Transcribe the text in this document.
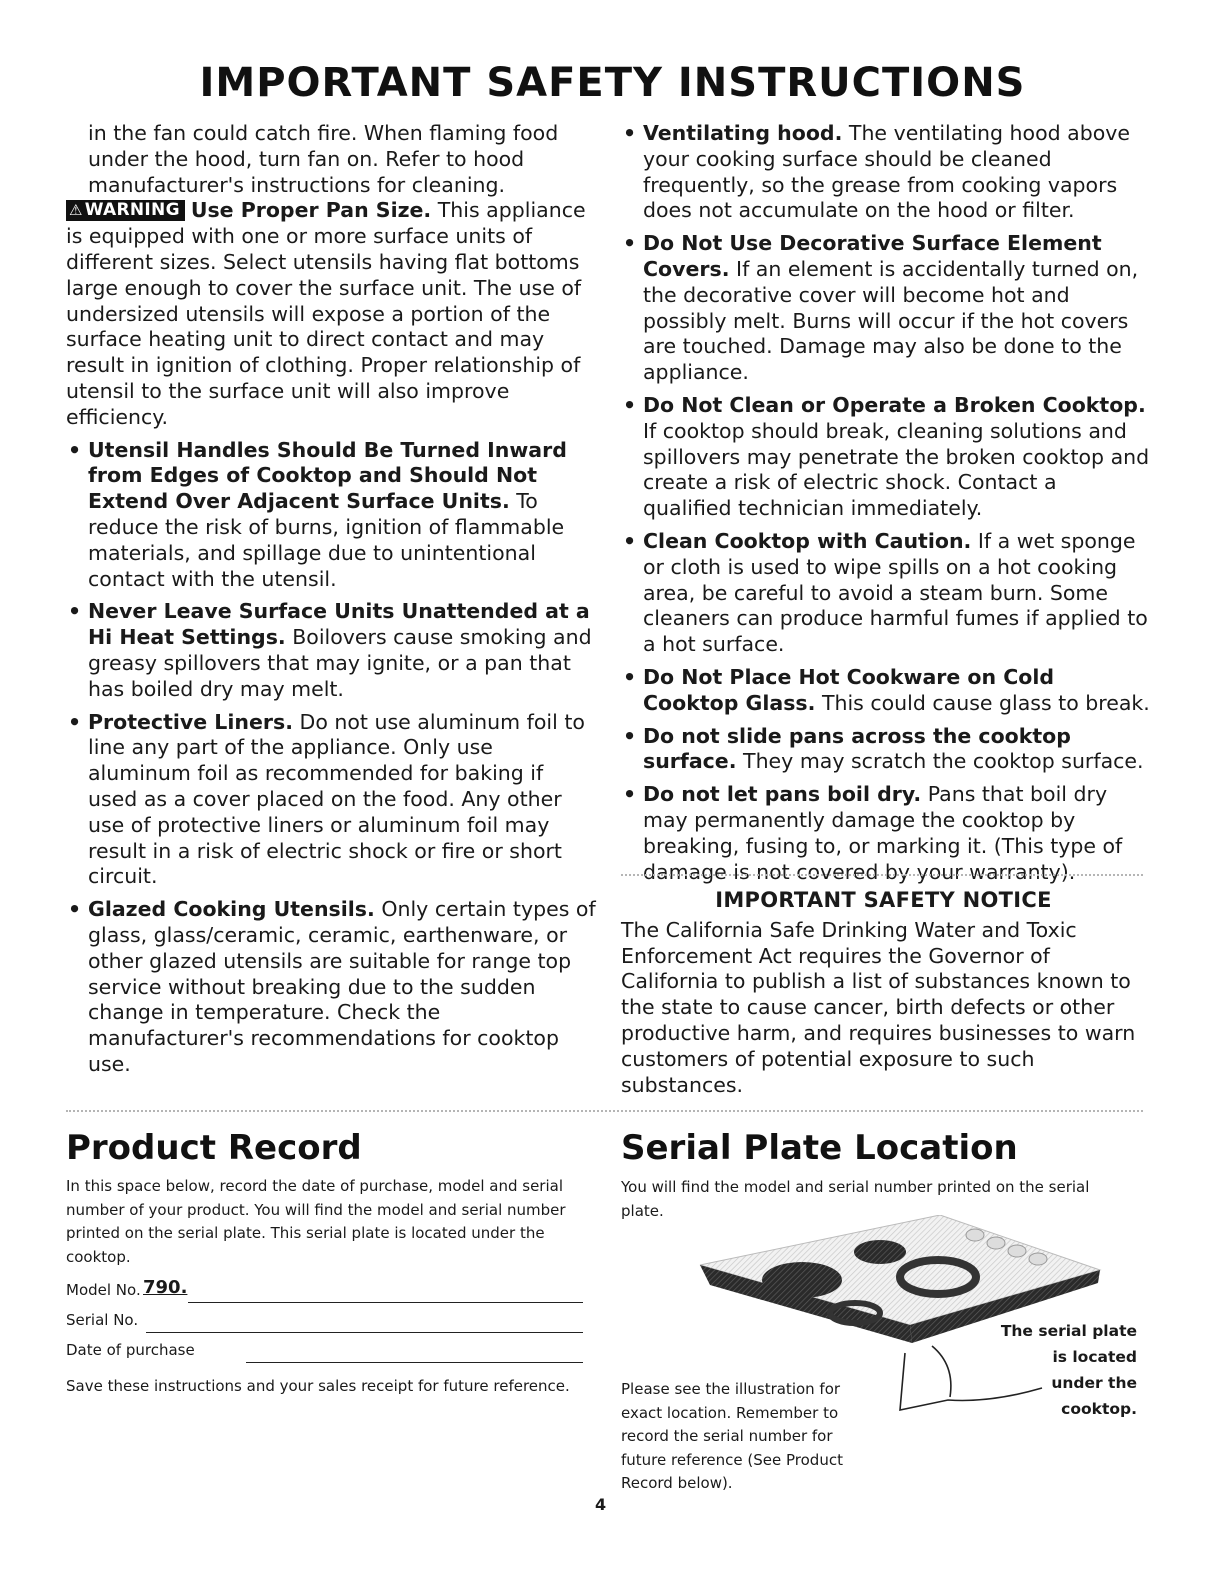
IMPORTANT SAFETY INSTRUCTIONS

in the fan could catch fire. When flaming food under the hood, turn fan on. Refer to hood manufacturer's instructions for cleaning.

⚠ WARNING Use Proper Pan Size. This appliance is equipped with one or more surface units of different sizes. Select utensils having flat bottoms large enough to cover the surface unit. The use of undersized utensils will expose a portion of the surface heating unit to direct contact and may result in ignition of clothing. Proper relationship of utensil to the surface unit will also improve efficiency.

• Utensil Handles Should Be Turned Inward from Edges of Cooktop and Should Not Extend Over Adjacent Surface Units. To reduce the risk of burns, ignition of flammable materials, and spillage due to unintentional contact with the utensil.

• Never Leave Surface Units Unattended at a Hi Heat Settings. Boilovers cause smoking and greasy spillovers that may ignite, or a pan that has boiled dry may melt.

• Protective Liners. Do not use aluminum foil to line any part of the appliance. Only use aluminum foil as recommended for baking if used as a cover placed on the food. Any other use of protective liners or aluminum foil may result in a risk of electric shock or fire or short circuit.

• Glazed Cooking Utensils. Only certain types of glass, glass/ceramic, ceramic, earthenware, or other glazed utensils are suitable for range top service without breaking due to the sudden change in temperature. Check the manufacturer's recommendations for cooktop use.

• Ventilating hood. The ventilating hood above your cooking surface should be cleaned frequently, so the grease from cooking vapors does not accumulate on the hood or filter.

• Do Not Use Decorative Surface Element Covers. If an element is accidentally turned on, the decorative cover will become hot and possibly melt. Burns will occur if the hot covers are touched. Damage may also be done to the appliance.

• Do Not Clean or Operate a Broken Cooktop. If cooktop should break, cleaning solutions and spillovers may penetrate the broken cooktop and create a risk of electric shock. Contact a qualified technician immediately.

• Clean Cooktop with Caution. If a wet sponge or cloth is used to wipe spills on a hot cooking area, be careful to avoid a steam burn. Some cleaners can produce harmful fumes if applied to a hot surface.

• Do Not Place Hot Cookware on Cold Cooktop Glass. This could cause glass to break.

• Do not slide pans across the cooktop surface. They may scratch the cooktop surface.

• Do not let pans boil dry. Pans that boil dry may permanently damage the cooktop by breaking, fusing to, or marking it. (This type of damage is not covered by your warranty).

IMPORTANT SAFETY NOTICE

The California Safe Drinking Water and Toxic Enforcement Act requires the Governor of California to publish a list of substances known to the state to cause cancer, birth defects or other productive harm, and requires businesses to warn customers of potential exposure to such substances.

Product Record

In this space below, record the date of purchase, model and serial number of your product. You will find the model and serial number printed on the serial plate. This serial plate is located under the cooktop.

Model No. 790.
Serial No.
Date of purchase

Save these instructions and your sales receipt for future reference.

Serial Plate Location
You will find the model and serial number printed on the serial plate.
The serial plate is located under the cooktop.
Please see the illustration for exact location. Remember to record the serial number for future reference (See Product Record below).
4
